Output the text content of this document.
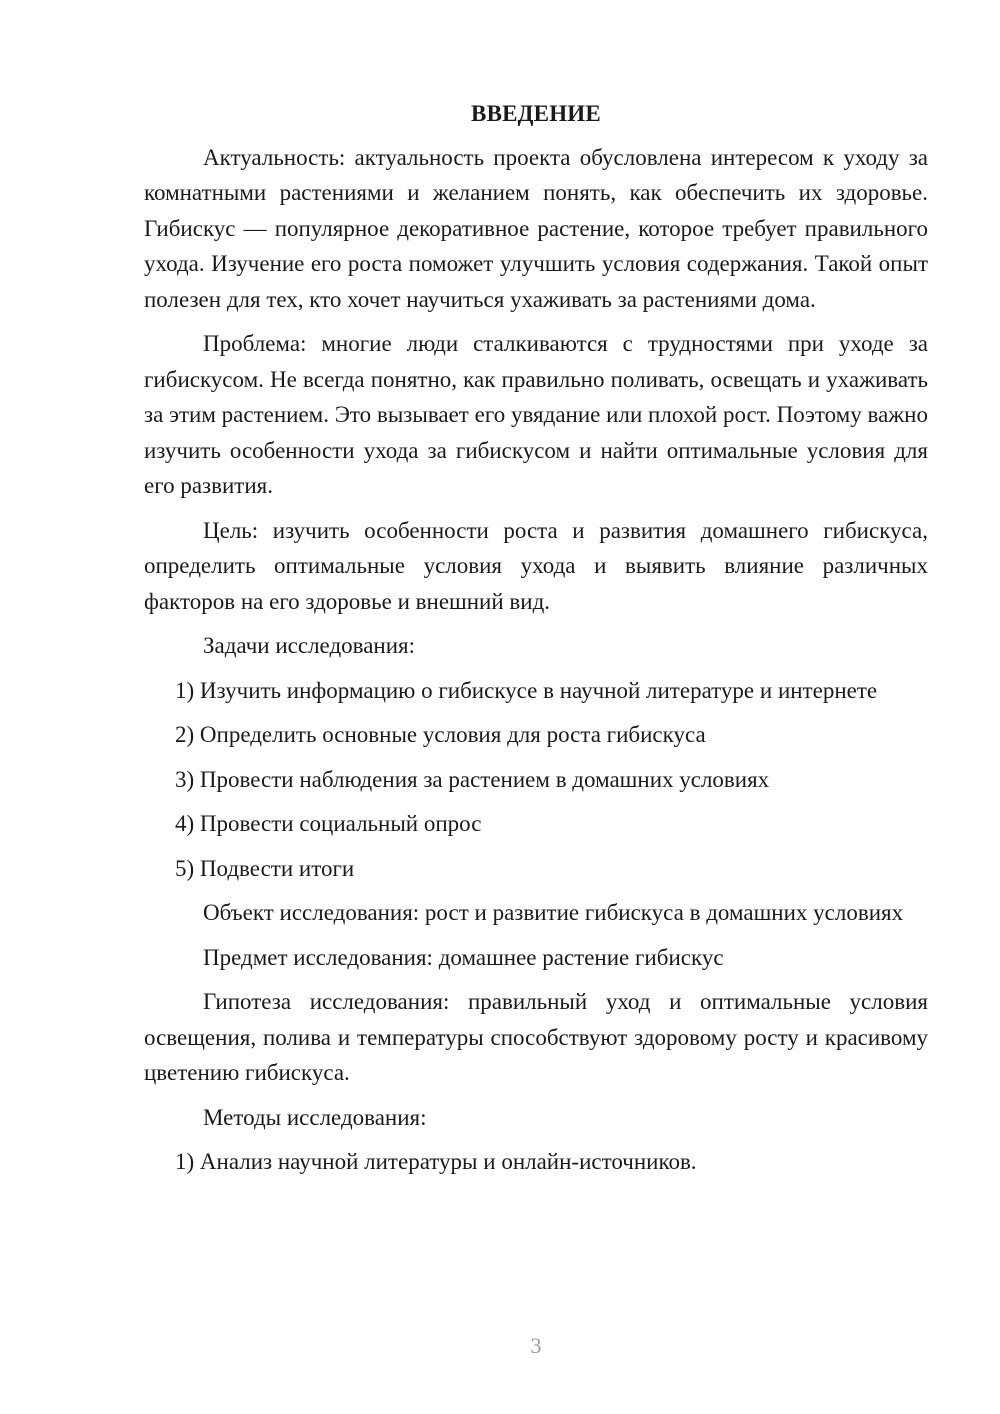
ВВЕДЕНИЕ

Актуальность: актуальность проекта обусловлена интересом к уходу за комнатными растениями и желанием понять, как обеспечить их здоровье. Гибискус — популярное декоративное растение, которое требует правильного ухода. Изучение его роста поможет улучшить условия содержания. Такой опыт полезен для тех, кто хочет научиться ухаживать за растениями дома.

Проблема: многие люди сталкиваются с трудностями при уходе за гибискусом. Не всегда понятно, как правильно поливать, освещать и ухаживать за этим растением. Это вызывает его увядание или плохой рост. Поэтому важно изучить особенности ухода за гибискусом и найти оптимальные условия для его развития.

Цель: изучить особенности роста и развития домашнего гибискуса, определить оптимальные условия ухода и выявить влияние различных факторов на его здоровье и внешний вид.

Задачи исследования:

1) Изучить информацию о гибискусе в научной литературе и интернете

2) Определить основные условия для роста гибискуса

3) Провести наблюдения за растением в домашних условиях

4) Провести социальный опрос

5) Подвести итоги

Объект исследования: рост и развитие гибискуса в домашних условиях

Предмет исследования: домашнее растение гибискус

Гипотеза исследования: правильный уход и оптимальные условия освещения, полива и температуры способствуют здоровому росту и красивому цветению гибискуса.

Методы исследования:

1) Анализ научной литературы и онлайн-источников.

3
